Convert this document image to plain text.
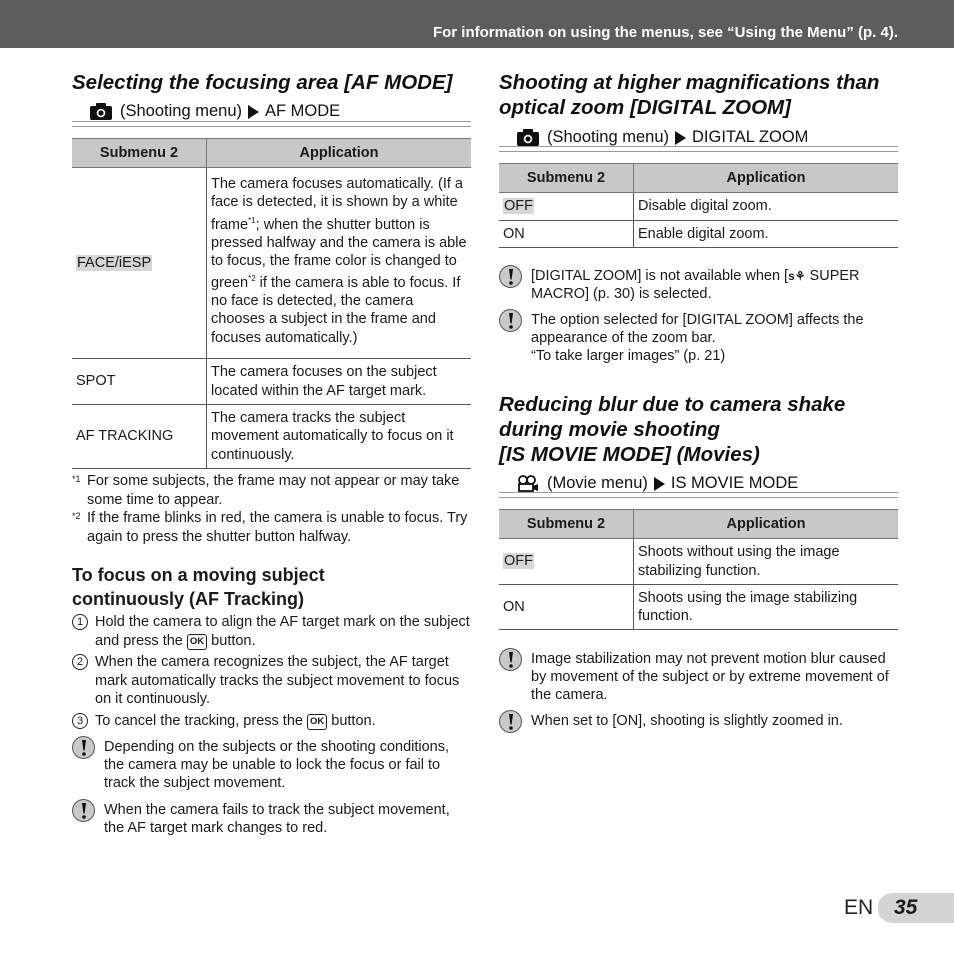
For information on using the menus, see “Using the Menu” (p. 4).
Selecting the focusing area [AF MODE]
(Shooting menu) AF MODE
Submenu 2	Application
FACE/iESP	The camera focuses automatically. (If a face is detected, it is shown by a white frame$^{*1}$; when the shutter button is pressed halfway and the camera is able to focus, the frame color is changed to green$^{*2}$ if the camera is able to focus. If no face is detected, the camera chooses a subject in the frame and focuses automatically.)
SPOT	The camera focuses on the subject located within the AF target mark.
AF TRACKING	The camera tracks the subject movement automatically to focus on it continuously.
*1 For some subjects, the frame may not appear or may take some time to appear.
*2 If the frame blinks in red, the camera is unable to focus. Try again to press the shutter button halfway.
To focus on a moving subject continuously (AF Tracking)
1 Hold the camera to align the AF target mark on the subject and press the OK button.
2 When the camera recognizes the subject, the AF target mark automatically tracks the subject movement to focus on it continuously.
3 To cancel the tracking, press the OK button.
Depending on the subjects or the shooting conditions, the camera may be unable to lock the focus or fail to track the subject movement.
When the camera fails to track the subject movement, the AF target mark changes to red.
Shooting at higher magnifications than optical zoom [DIGITAL ZOOM]
(Shooting menu) DIGITAL ZOOM
Submenu 2	Application
OFF	Disable digital zoom.
ON	Enable digital zoom.
[DIGITAL ZOOM] is not available when [s⚘ SUPER MACRO] (p. 30) is selected.
The option selected for [DIGITAL ZOOM] affects the appearance of the zoom bar.
“To take larger images” (p. 21)
Reducing blur due to camera shake during movie shooting
[IS MOVIE MODE] (Movies)
(Movie menu) IS MOVIE MODE
Submenu 2	Application
OFF	Shoots without using the image stabilizing function.
ON	Shoots using the image stabilizing function.
Image stabilization may not prevent motion blur caused by movement of the subject or by extreme movement of the camera.
When set to [ON], shooting is slightly zoomed in.
EN 35
